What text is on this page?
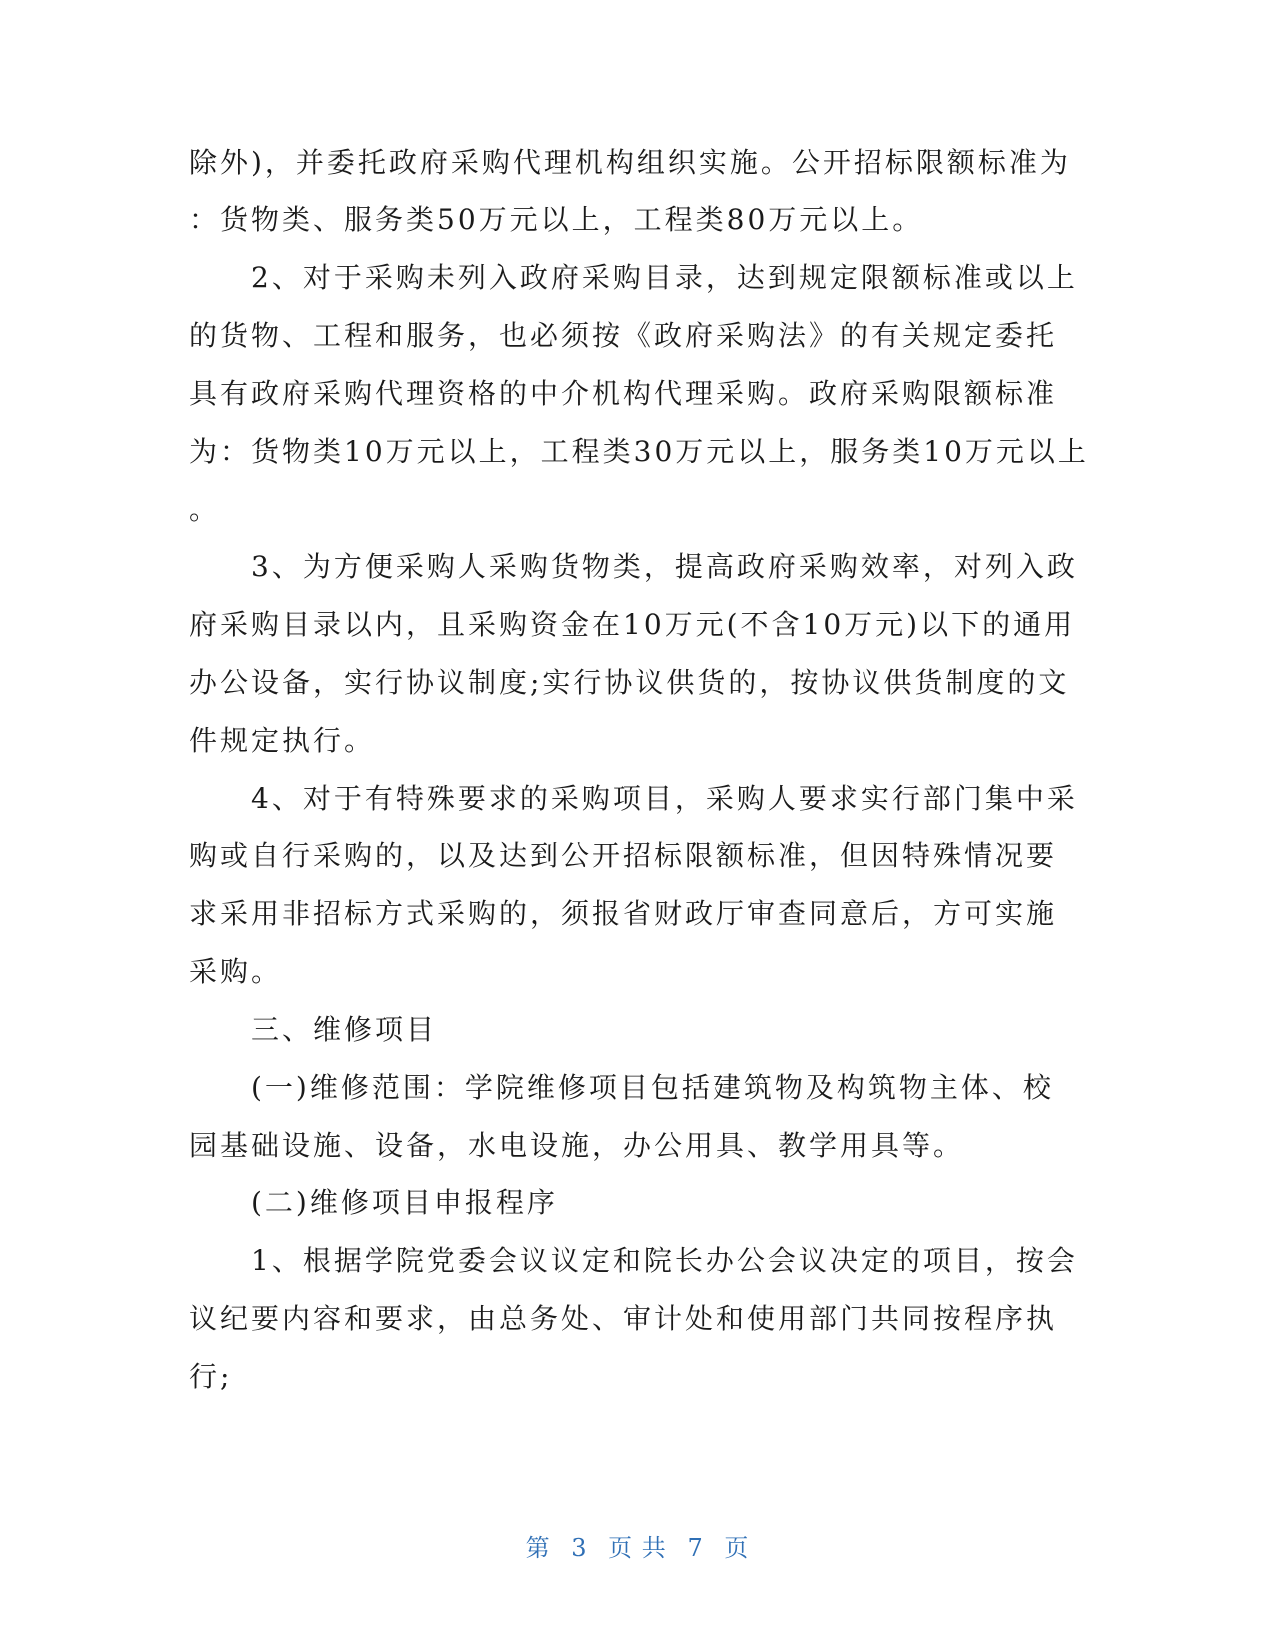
除外)，并委托政府采购代理机构组织实施。公开招标限额标准为
：货物类、服务类50万元以上，工程类80万元以上。
　　2、对于采购未列入政府采购目录，达到规定限额标准或以上
的货物、工程和服务，也必须按《政府采购法》的有关规定委托
具有政府采购代理资格的中介机构代理采购。政府采购限额标准
为：货物类10万元以上，工程类30万元以上，服务类10万元以上
。
　　3、为方便采购人采购货物类，提高政府采购效率，对列入政
府采购目录以内，且采购资金在10万元(不含10万元)以下的通用
办公设备，实行协议制度;实行协议供货的，按协议供货制度的文
件规定执行。
　　4、对于有特殊要求的采购项目，采购人要求实行部门集中采
购或自行采购的，以及达到公开招标限额标准，但因特殊情况要
求采用非招标方式采购的，须报省财政厅审查同意后，方可实施
采购。
　　三、维修项目
　　(一)维修范围：学院维修项目包括建筑物及构筑物主体、校
园基础设施、设备，水电设施，办公用具、教学用具等。
　　(二)维修项目申报程序
　　1、根据学院党委会议议定和院长办公会议决定的项目，按会
议纪要内容和要求，由总务处、审计处和使用部门共同按程序执
行;
第 3 页 共 7 页
